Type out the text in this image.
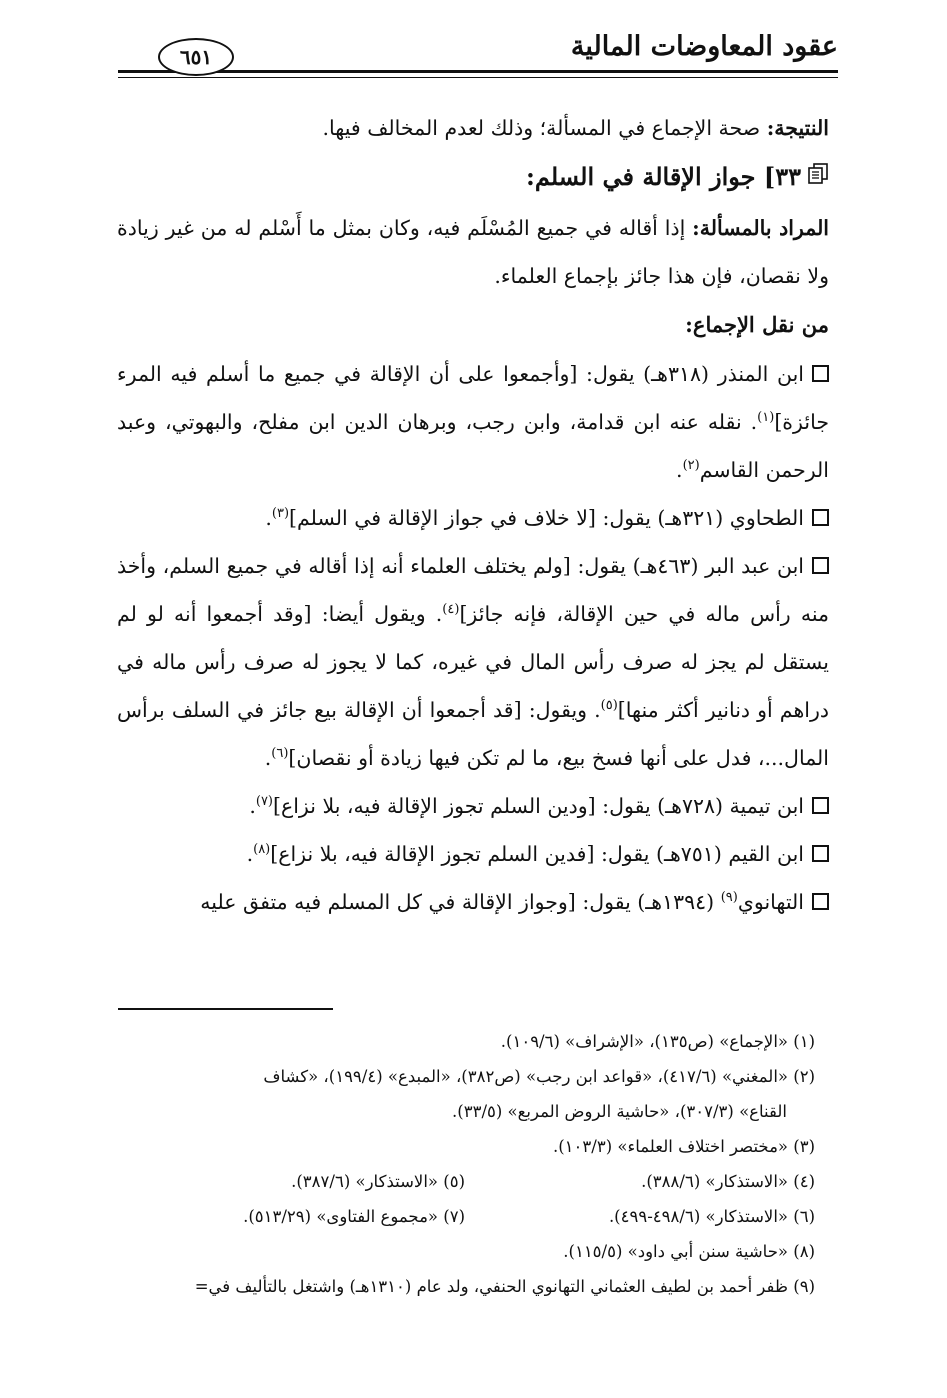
عقود المعاوضات المالية
٦٥١

النتيجة: صحة الإجماع في المسألة؛ وذلك لعدم المخالف فيها.

٣٣] جواز الإقالة في السلم:

المراد بالمسألة: إذا أقاله في جميع المُسْلَم فيه، وكان بمثل ما أَسْلم له من غير زيادة ولا نقصان، فإن هذا جائز بإجماع العلماء.

من نقل الإجماع:

ابن المنذر (٣١٨هـ) يقول: [وأجمعوا على أن الإقالة في جميع ما أسلم فيه المرء جائزة]$^{(١)}$. نقله عنه ابن قدامة، وابن رجب، وبرهان الدين ابن مفلح، والبهوتي، وعبد الرحمن القاسم$^{(٢)}$.

الطحاوي (٣٢١هـ) يقول: [لا خلاف في جواز الإقالة في السلم]$^{(٣)}$.

ابن عبد البر (٤٦٣هـ) يقول: [ولم يختلف العلماء أنه إذا أقاله في جميع السلم، وأخذ منه رأس ماله في حين الإقالة، فإنه جائز]$^{(٤)}$. ويقول أيضا: [وقد أجمعوا أنه لو لم يستقل لم يجز له صرف رأس المال في غيره، كما لا يجوز له صرف رأس ماله في دراهم أو دنانير أكثر منها]$^{(٥)}$. ويقول: [قد أجمعوا أن الإقالة بيع جائز في السلف برأس المال...، فدل على أنها فسخ بيع، ما لم تكن فيها زيادة أو نقصان]$^{(٦)}$.

ابن تيمية (٧٢٨هـ) يقول: [ودين السلم تجوز الإقالة فيه، بلا نزاع]$^{(٧)}$.

ابن القيم (٧٥١هـ) يقول: [فدين السلم تجوز الإقالة فيه، بلا نزاع]$^{(٨)}$.

التهانوي$^{(٩)}$ (١٣٩٤هـ) يقول: [وجواز الإقالة في كل المسلم فيه متفق عليه

(١) «الإجماع» (ص١٣٥)، «الإشراف» (١٠٩/٦).

(٢) «المغني» (٤١٧/٦)، «قواعد ابن رجب» (ص٣٨٢)، «المبدع» (١٩٩/٤)، «كشاف

القناع» (٣٠٧/٣)، «حاشية الروض المربع» (٣٣/٥).

(٣) «مختصر اختلاف العلماء» (١٠٣/٣).

(٤) «الاستذكار» (٣٨٨/٦).
(٥) «الاستذكار» (٣٨٧/٦).
(٦) «الاستذكار» (٤٩٨/٦-٤٩٩).
(٧) «مجموع الفتاوى» (٥١٣/٢٩).

(٨) «حاشية سنن أبي داود» (١١٥/٥).

(٩) ظفر أحمد بن لطيف العثماني التهانوي الحنفي، ولد عام (١٣١٠هـ) واشتغل بالتأليف في=
